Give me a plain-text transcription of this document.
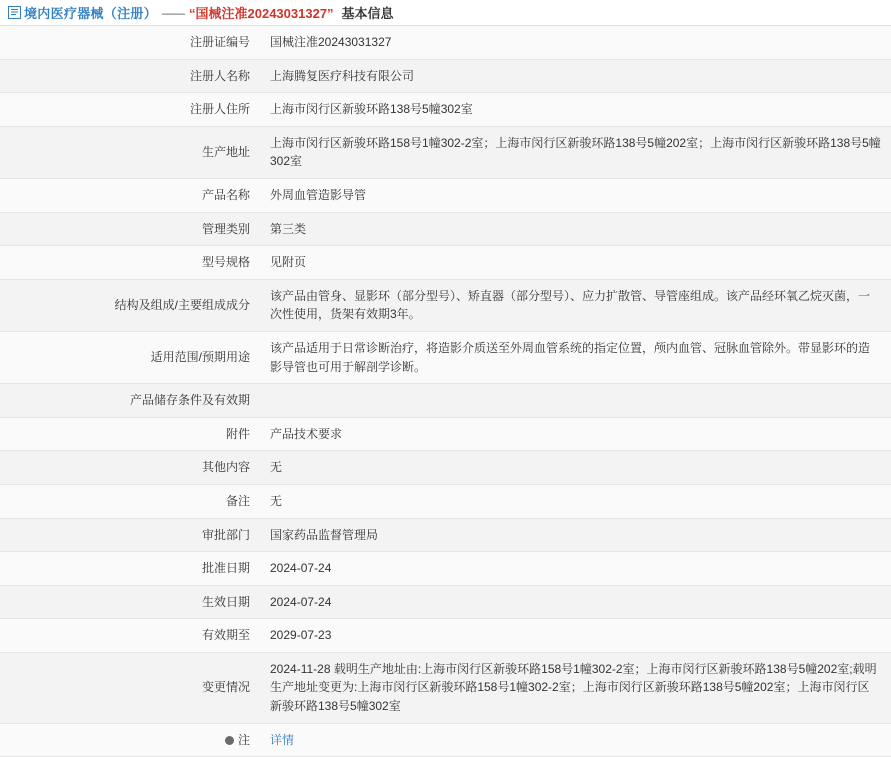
境内医疗器械（注册） —— “国械注准20243031327” 基本信息
注册证编号	国械注准20243031327
注册人名称	上海腾复医疗科技有限公司
注册人住所	上海市闵行区新骏环路138号5幢302室
生产地址	上海市闵行区新骏环路158号1幢302-2室；上海市闵行区新骏环路138号5幢202室；上海市闵行区新骏环路138号5幢302室
产品名称	外周血管造影导管
管理类别	第三类
型号规格	见附页
结构及组成/主要组成成分	该产品由管身、显影环（部分型号）、矫直器（部分型号）、应力扩散管、导管座组成。该产品经环氧乙烷灭菌，一次性使用，货架有效期3年。
适用范围/预期用途	该产品适用于日常诊断治疗，将造影介质送至外周血管系统的指定位置，颅内血管、冠脉血管除外。带显影环的造影导管也可用于解剖学诊断。
产品储存条件及有效期	
附件	产品技术要求
其他内容	无
备注	无
审批部门	国家药品监督管理局
批准日期	2024-07-24
生效日期	2024-07-24
有效期至	2029-07-23
变更情况	2024-11-28 载明生产地址由:上海市闵行区新骏环路158号1幢302-2室；上海市闵行区新骏环路138号5幢202室;载明生产地址变更为:上海市闵行区新骏环路158号1幢302-2室；上海市闵行区新骏环路138号5幢202室；上海市闵行区新骏环路138号5幢302室
注	详情
